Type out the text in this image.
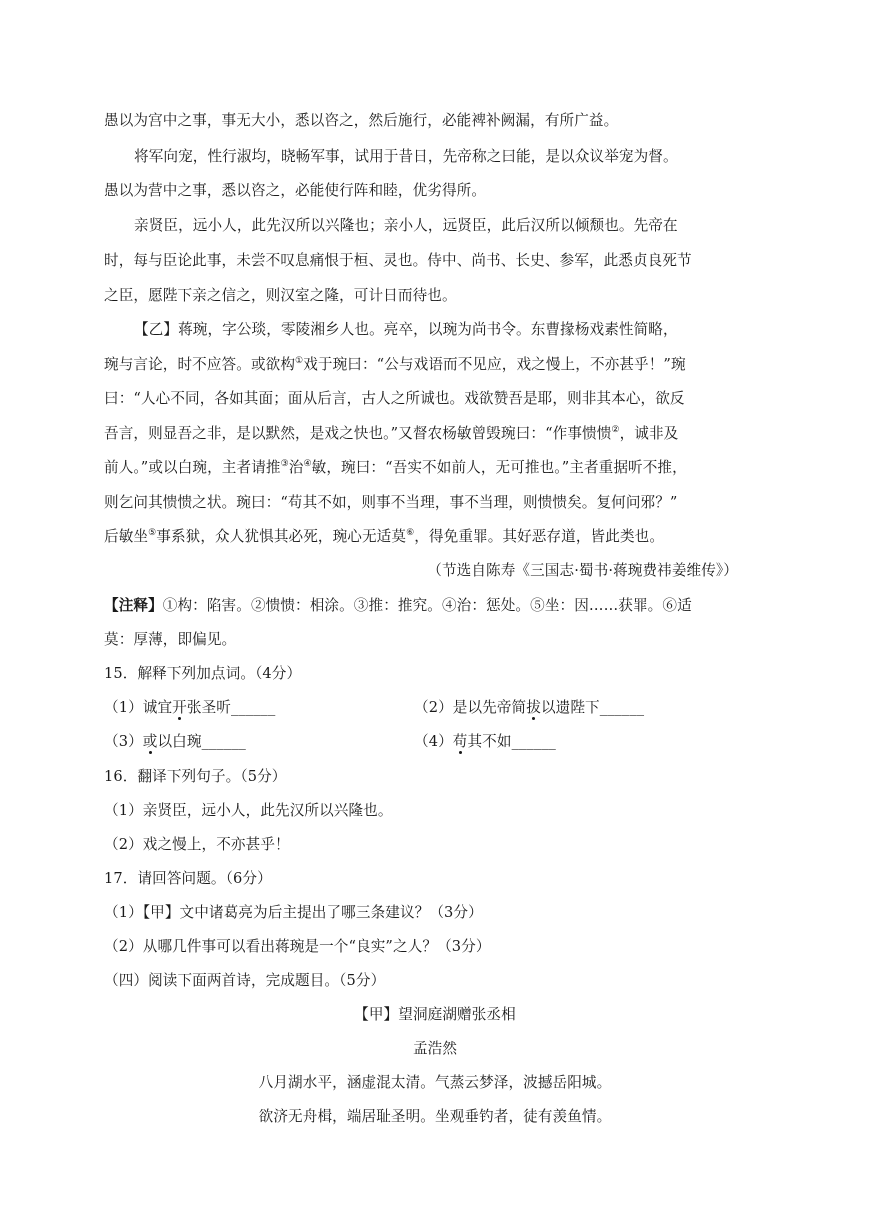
愚以为宫中之事，事无大小，悉以咨之，然后施行，必能裨补阙漏，有所广益。
将军向宠，性行淑均，晓畅军事，试用于昔日，先帝称之曰能，是以众议举宠为督。
愚以为营中之事，悉以咨之，必能使行阵和睦，优劣得所。
亲贤臣，远小人，此先汉所以兴隆也；亲小人，远贤臣，此后汉所以倾颓也。先帝在
时，每与臣论此事，未尝不叹息痛恨于桓、灵也。侍中、尚书、长史、参军，此悉贞良死节
之臣，愿陛下亲之信之，则汉室之隆，可计日而待也。
【乙】蒋琬，字公琰，零陵湘乡人也。亮卒，以琬为尚书令。东曹掾杨戏素性简略，
琬与言论，时不应答。或欲构①戏于琬曰：“公与戏语而不见应，戏之慢上，不亦甚乎！”琬
曰：“人心不同，各如其面；面从后言，古人之所诚也。戏欲赞吾是耶，则非其本心，欲反
吾言，则显吾之非，是以默然，是戏之快也。”又督农杨敏曾毁琬曰：“作事愦愦②，诚非及
前人。”或以白琬，主者请推③治④敏，琬曰：“吾实不如前人，无可推也。”主者重据听不推，
则乞问其愦愦之状。琬曰：“苟其不如，则事不当理，事不当理，则愦愦矣。复何问邪？”
后敏坐⑤事系狱，众人犹惧其必死，琬心无适莫⑥，得免重罪。其好恶存道，皆此类也。
（节选自陈寿《三国志·蜀书·蒋琬费祎姜维传》）
【注释】①构：陷害。②愦愦：相涂。③推：推究。④治：惩处。⑤坐：因……获罪。⑥适
莫：厚薄，即偏见。
15．解释下列加点词。（4分）
（1）诚宜开张圣听______	（2）是以先帝简拔以遗陛下______
（3）或以白琬______	（4）苟其不如______
16．翻译下列句子。（5分）
（1）亲贤臣，远小人，此先汉所以兴隆也。
（2）戏之慢上，不亦甚乎！
17．请回答问题。（6分）
（1）【甲】文中诸葛亮为后主提出了哪三条建议？（3分）
（2）从哪几件事可以看出蒋琬是一个“良实”之人？（3分）
（四）阅读下面两首诗，完成题目。（5分）
【甲】望洞庭湖赠张丞相
孟浩然
八月湖水平，涵虚混太清。气蒸云梦泽，波撼岳阳城。
欲济无舟楫，端居耻圣明。坐观垂钓者，徒有羡鱼情。
